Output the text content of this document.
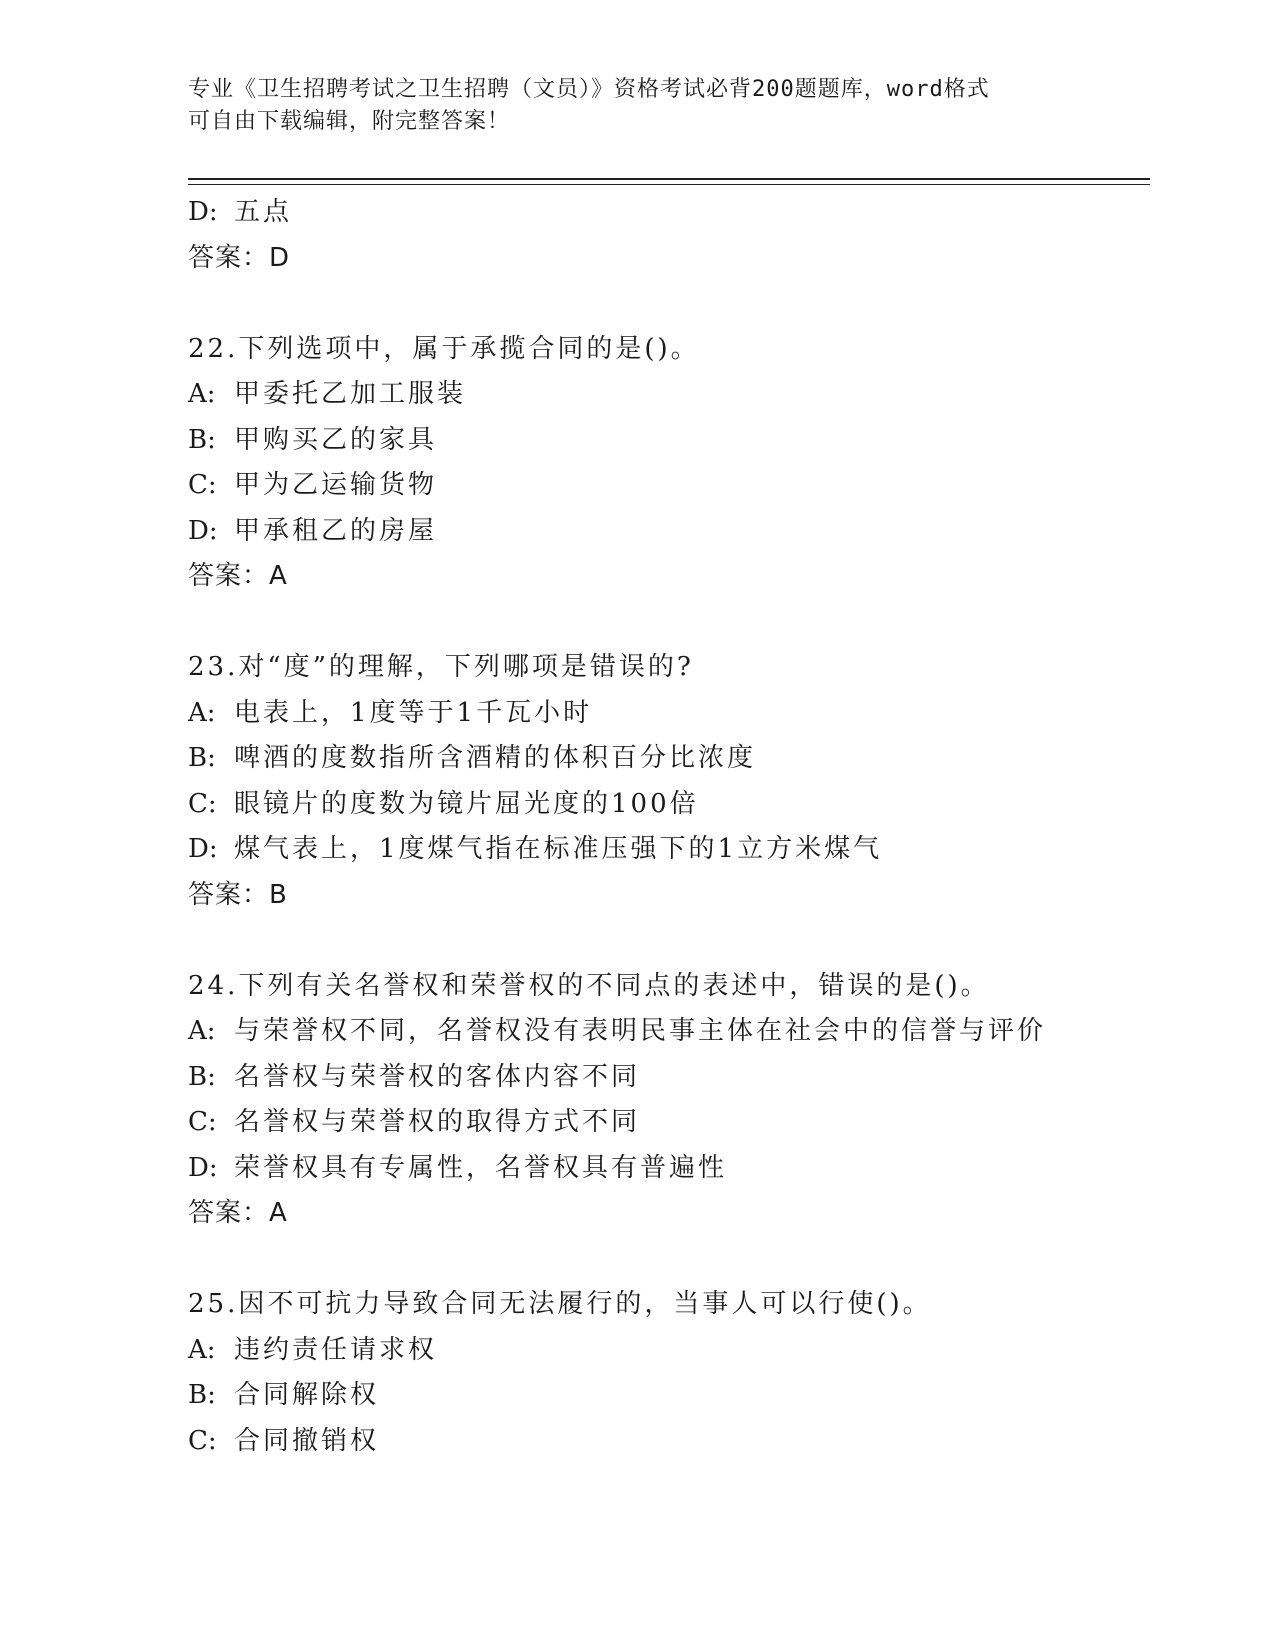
专业《卫生招聘考试之卫生招聘（文员）》资格考试必背200题题库，word格式
可自由下载编辑，附完整答案！
D: 五点
答案：D
22.下列选项中，属于承揽合同的是()。
A: 甲委托乙加工服装
B: 甲购买乙的家具
C: 甲为乙运输货物
D: 甲承租乙的房屋
答案：A
23.对“度”的理解，下列哪项是错误的?
A: 电表上，1度等于1千瓦小时
B: 啤酒的度数指所含酒精的体积百分比浓度
C: 眼镜片的度数为镜片屈光度的100倍
D: 煤气表上，1度煤气指在标准压强下的1立方米煤气
答案：B
24.下列有关名誉权和荣誉权的不同点的表述中，错误的是()。
A: 与荣誉权不同，名誉权没有表明民事主体在社会中的信誉与评价
B: 名誉权与荣誉权的客体内容不同
C: 名誉权与荣誉权的取得方式不同
D: 荣誉权具有专属性，名誉权具有普遍性
答案：A
25.因不可抗力导致合同无法履行的，当事人可以行使()。
A: 违约责任请求权
B: 合同解除权
C: 合同撤销权
